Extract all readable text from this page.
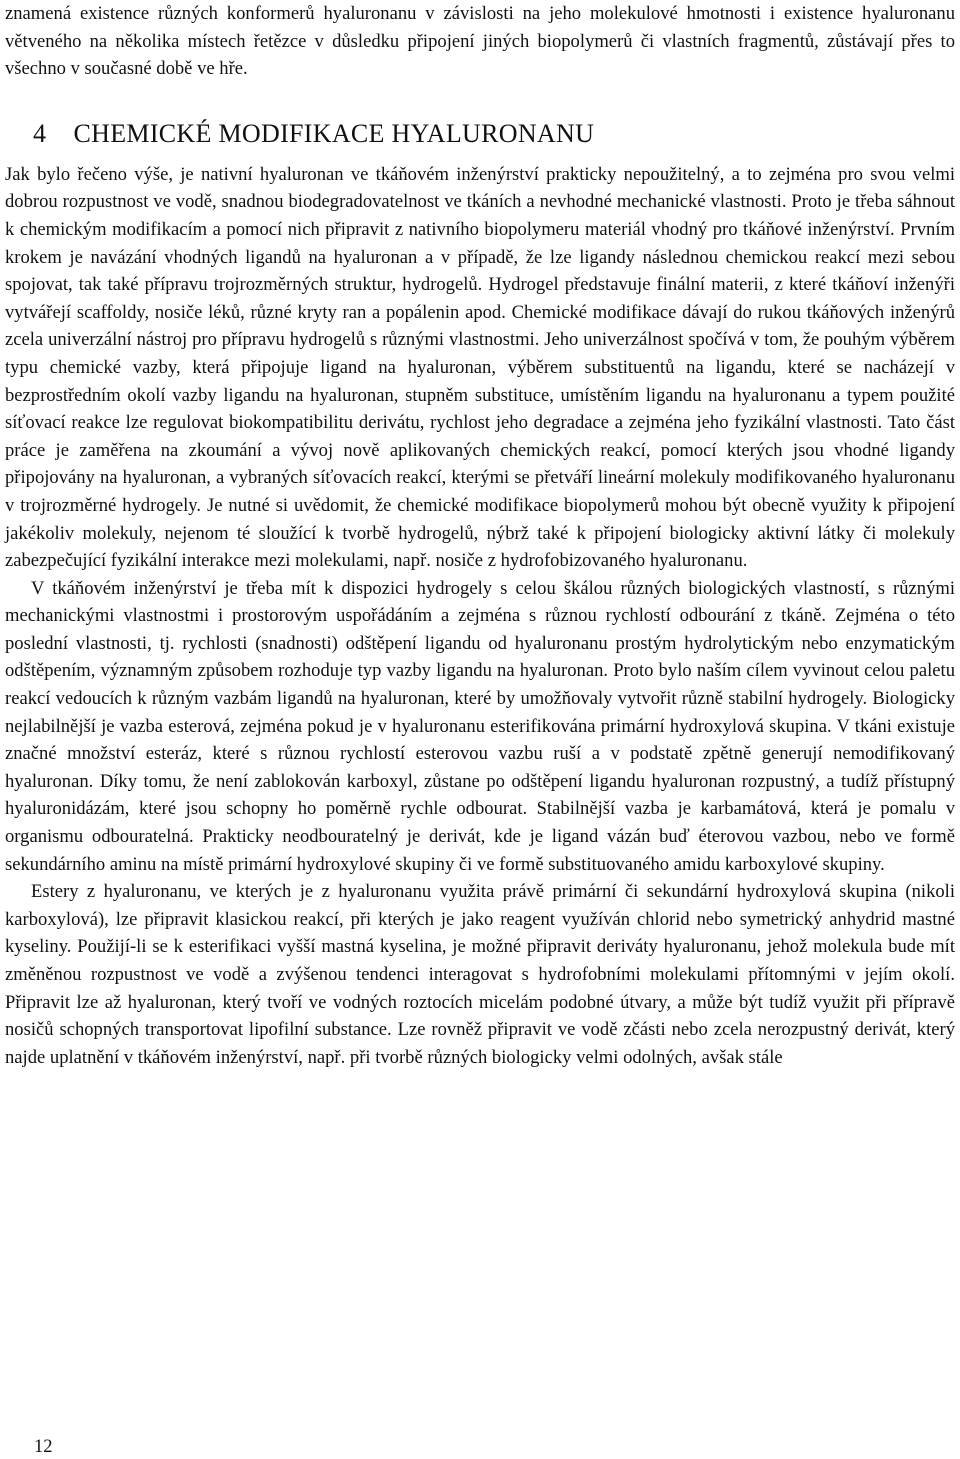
znamená existence různých konformerů hyaluronanu v závislosti na jeho molekulové hmotnosti i existence hyaluronanu větveného na několika místech řetězce v důsledku připojení jiných biopolymerů či vlastních fragmentů, zůstávají přes to všechno v současné době ve hře.

4 CHEMICKÉ MODIFIKACE HYALURONANU

Jak bylo řečeno výše, je nativní hyaluronan ve tkáňovém inženýrství prakticky nepoužitelný, a to zejména pro svou velmi dobrou rozpustnost ve vodě, snadnou biodegradovatelnost ve tkáních a nevhodné mechanické vlastnosti. Proto je třeba sáhnout k chemickým modifikacím a pomocí nich připravit z nativního biopolymeru materiál vhodný pro tkáňové inženýrství. Prvním krokem je navázání vhodných ligandů na hyaluronan a v případě, že lze ligandy následnou chemickou reakcí mezi sebou spojovat, tak také přípravu trojrozměrných struktur, hydrogelů. Hydrogel představuje finální materii, z které tkáňoví inženýři vytvářejí scaffoldy, nosiče léků, různé kryty ran a popálenin apod. Chemické modifikace dávají do rukou tkáňových inženýrů zcela univerzální nástroj pro přípravu hydrogelů s různými vlastnostmi. Jeho univerzálnost spočívá v tom, že pouhým výběrem typu chemické vazby, která připojuje ligand na hyaluronan, výběrem substituentů na ligandu, které se nacházejí v bezprostředním okolí vazby ligandu na hyaluronan, stupněm substituce, umístěním ligandu na hyaluronanu a typem použité síťovací reakce lze regulovat biokompatibilitu derivátu, rychlost jeho degradace a zejména jeho fyzikální vlastnosti. Tato část práce je zaměřena na zkoumání a vývoj nově aplikovaných chemických reakcí, pomocí kterých jsou vhodné ligandy připojovány na hyaluronan, a vybraných síťovacích reakcí, kterými se přetváří lineární molekuly modifikovaného hyaluronanu v trojrozměrné hydrogely. Je nutné si uvědomit, že chemické modifikace biopolymerů mohou být obecně využity k připojení jakékoliv molekuly, nejenom té sloužící k tvorbě hydrogelů, nýbrž také k připojení biologicky aktivní látky či molekuly zabezpečující fyzikální interakce mezi molekulami, např. nosiče z hydrofobizovaného hyaluronanu.

V tkáňovém inženýrství je třeba mít k dispozici hydrogely s celou škálou různých biologických vlastností, s různými mechanickými vlastnostmi i prostorovým uspořádáním a zejména s různou rychlostí odbourání z tkáně. Zejména o této poslední vlastnosti, tj. rychlosti (snadnosti) odštěpení ligandu od hyaluronanu prostým hydrolytickým nebo enzymatickým odštěpením, významným způsobem rozhoduje typ vazby ligandu na hyaluronan. Proto bylo naším cílem vyvinout celou paletu reakcí vedoucích k různým vazbám ligandů na hyaluronan, které by umožňovaly vytvořit různě stabilní hydrogely. Biologicky nejlabilnější je vazba esterová, zejména pokud je v hyaluronanu esterifikována primární hydroxylová skupina. V tkáni existuje značné množství esteráz, které s různou rychlostí esterovou vazbu ruší a v podstatě zpětně generují nemodifikovaný hyaluronan. Díky tomu, že není zablokován karboxyl, zůstane po odštěpení ligandu hyaluronan rozpustný, a tudíž přístupný hyaluronidázám, které jsou schopny ho poměrně rychle odbourat. Stabilnější vazba je karbamátová, která je pomalu v organismu odbouratelná. Prakticky neodbouratelný je derivát, kde je ligand vázán buď éterovou vazbou, nebo ve formě sekundárního aminu na místě primární hydroxylové skupiny či ve formě substituovaného amidu karboxylové skupiny.

Estery z hyaluronanu, ve kterých je z hyaluronanu využita právě primární či sekundární hydroxylová skupina (nikoli karboxylová), lze připravit klasickou reakcí, při kterých je jako reagent využíván chlorid nebo symetrický anhydrid mastné kyseliny. Použijí-li se k esterifikaci vyšší mastná kyselina, je možné připravit deriváty hyaluronanu, jehož molekula bude mít změněnou rozpustnost ve vodě a zvýšenou tendenci interagovat s hydrofobními molekulami přítomnými v jejím okolí. Připravit lze až hyaluronan, který tvoří ve vodných roztocích micelám podobné útvary, a může být tudíž využit při přípravě nosičů schopných transportovat lipofilní substance. Lze rovněž připravit ve vodě zčásti nebo zcela nerozpustný derivát, který najde uplatnění v tkáňovém inženýrství, např. při tvorbě různých biologicky velmi odolných, avšak stále

12
